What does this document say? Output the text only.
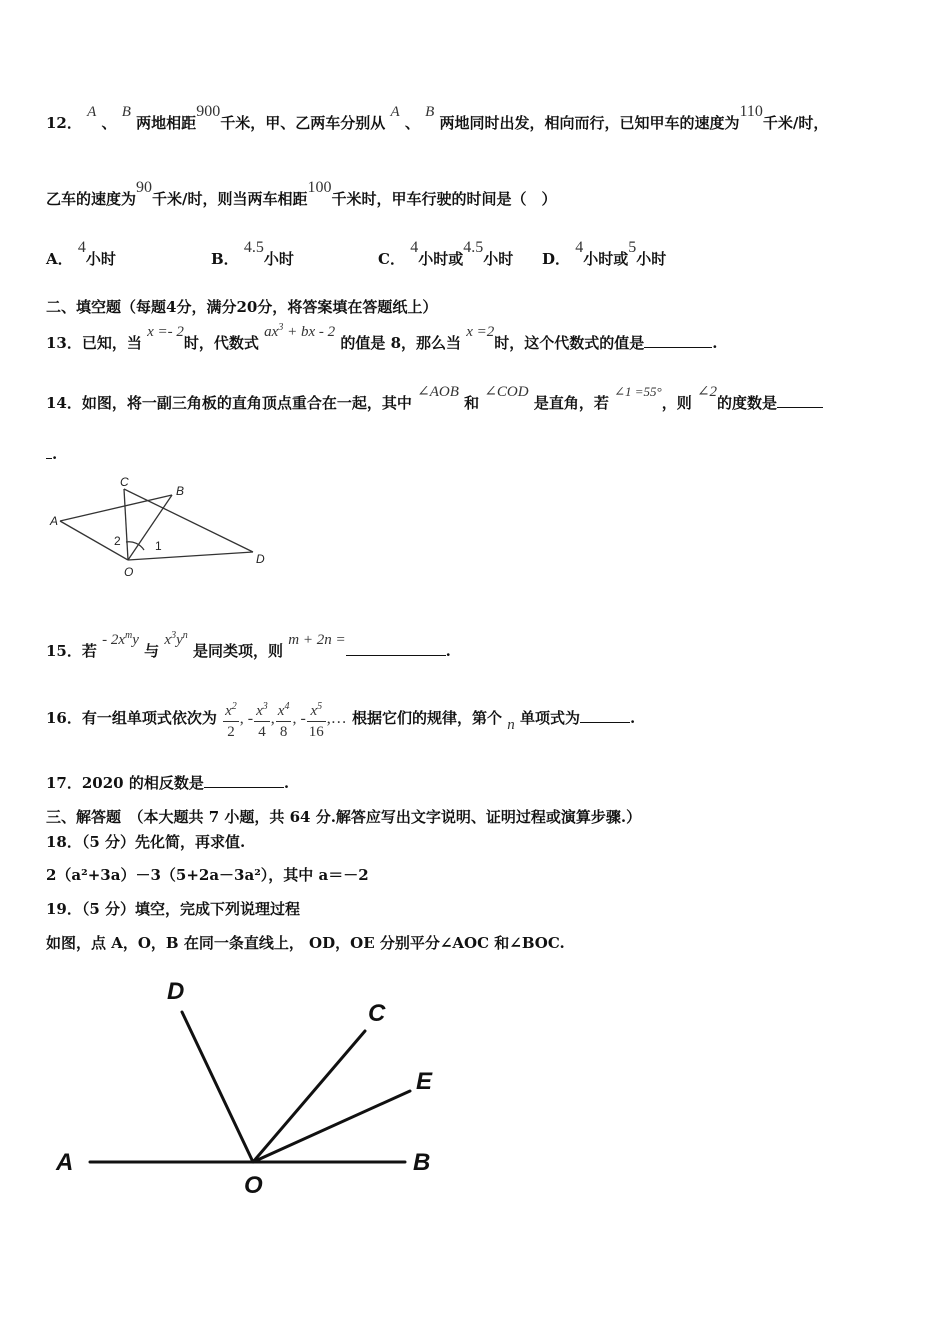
12． A 、 B 两地相距900千米，甲、乙两车分别从 A 、 B 两地同时出发，相向而行，已知甲车的速度为110千米/时，
乙车的速度为90千米/时，则当两车相距100千米时，甲车行驶的时间是（　）
A． 4小时	B． 4.5小时	C． 4小时或4.5小时 D． 4小时或5小时
二、填空题（每题4分，满分20分，将答案填在答题纸上）
13．已知，当 x =- 2时，代数式 $ax^3$ + bx - 2 的值是 8，那么当 x =2时，这个代数式的值是	.
14．如图，将一副三角板的直角顶点重合在一起，其中 ∠AOB 和 ∠COD 是直角，若 ∠1 =55°，则 ∠2的度数是
.
A
B
C
D
O
1
2
15．若 - $2x^my$ 与 $x^3y^n$ 是同类项，则 m + 2n =.
16．有一组单项式依次为 $\frac{x^2}{2}$ , - $\frac{x^3}{4}$ , $\frac{x^4}{8}$ , - $\frac{x^5}{16}$ ,… 根据它们的规律，第个 n 单项式为	.
17．2020 的相反数是	.
三、解答题　（本大题共 7 小题，共 64 分.解答应写出文字说明、证明过程或演算步骤.）
18．（5 分）先化简，再求值.
2（a²+3a）－3（5+2a－3a²），其中 a＝－2
19．（5 分）填空，完成下列说理过程
如图，点 A，O，B 在同一条直线上， OD，OE 分别平分∠AOC 和∠BOC.
A	B
D
C
E
O
